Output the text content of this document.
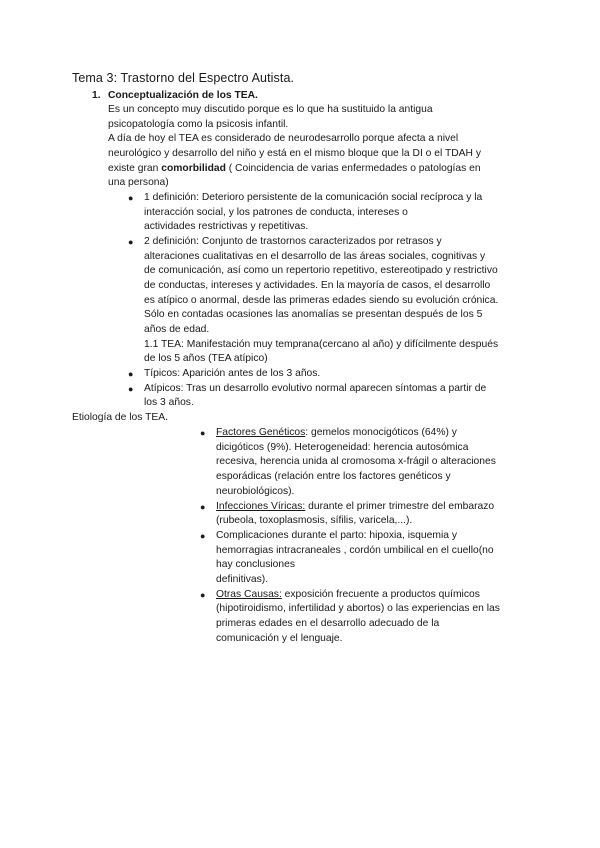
Tema 3: Trastorno del Espectro Autista.
1. Conceptualización de los TEA.
Es un concepto muy discutido porque es lo que ha sustituido la antigua
psicopatología como la psicosis infantil.
A día de hoy el TEA es considerado de neurodesarrollo porque afecta a nivel
neurológico y desarrollo del niño y está en el mismo bloque que la DI o el TDAH y
existe gran comorbilidad ( Coincidencia de varias enfermedades o patologías en
una persona)
● 1 definición: Deterioro persistente de la comunicación social recíproca y la
interacción social, y los patrones de conducta, intereses o
actividades restrictivas y repetitivas.
● 2 definición: Conjunto de trastornos caracterizados por retrasos y
alteraciones cualitativas en el desarrollo de las áreas sociales, cognitivas y
de comunicación, así como un repertorio repetitivo, estereotipado y restrictivo
de conductas, intereses y actividades. En la mayoría de casos, el desarrollo
es atípico o anormal, desde las primeras edades siendo su evolución crónica.
Sólo en contadas ocasiones las anomalías se presentan después de los 5
años de edad.
1.1 TEA: Manifestación muy temprana(cercano al año) y difícilmente después
de los 5 años (TEA atípico)
● Típicos: Aparición antes de los 3 años.
● Atípicos: Tras un desarrollo evolutivo normal aparecen síntomas a partir de
los 3 años.
Etiología de los TEA.
● Factores Genéticos: gemelos monocigóticos (64%) y
dicigóticos (9%). Heterogeneidad: herencia autosómica
recesiva, herencia unida al cromosoma x-frágil o alteraciones
esporádicas (relación entre los factores genéticos y
neurobiológicos).
● Infecciones Víricas: durante el primer trimestre del embarazo
(rubeola, toxoplasmosis, sífilis, varicela,...).
● Complicaciones durante el parto: hipoxia, isquemia y
hemorragias intracraneales , cordón umbilical en el cuello(no
hay conclusiones
definitivas).
● Otras Causas: exposición frecuente a productos químicos
(hipotiroidismo, infertilidad y abortos) o las experiencias en las
primeras edades en el desarrollo adecuado de la
comunicación y el lenguaje.
